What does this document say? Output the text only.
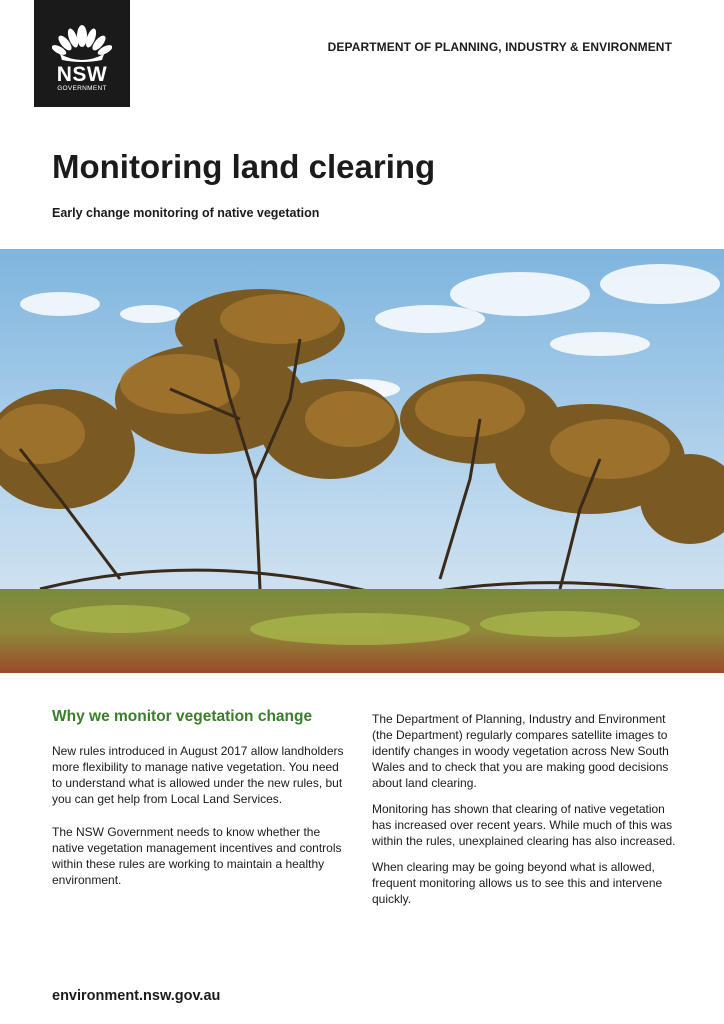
NSW
GOVERNMENT
DEPARTMENT OF PLANNING, INDUSTRY & ENVIRONMENT
Monitoring land clearing
Early change monitoring of native vegetation
Why we monitor vegetation change

New rules introduced in August 2017 allow landholders more flexibility to manage native vegetation. You need to understand what is allowed under the new rules, but you can get help from Local Land Services.

The NSW Government needs to know whether the native vegetation management incentives and controls within these rules are working to maintain a healthy environment.

The Department of Planning, Industry and Environment (the Department) regularly compares satellite images to identify changes in woody vegetation across New South Wales and to check that you are making good decisions about land clearing.

Monitoring has shown that clearing of native vegetation has increased over recent years. While much of this was within the rules, unexplained clearing has also increased.

When clearing may be going beyond what is allowed, frequent monitoring allows us to see this and intervene quickly.

environment.nsw.gov.au
